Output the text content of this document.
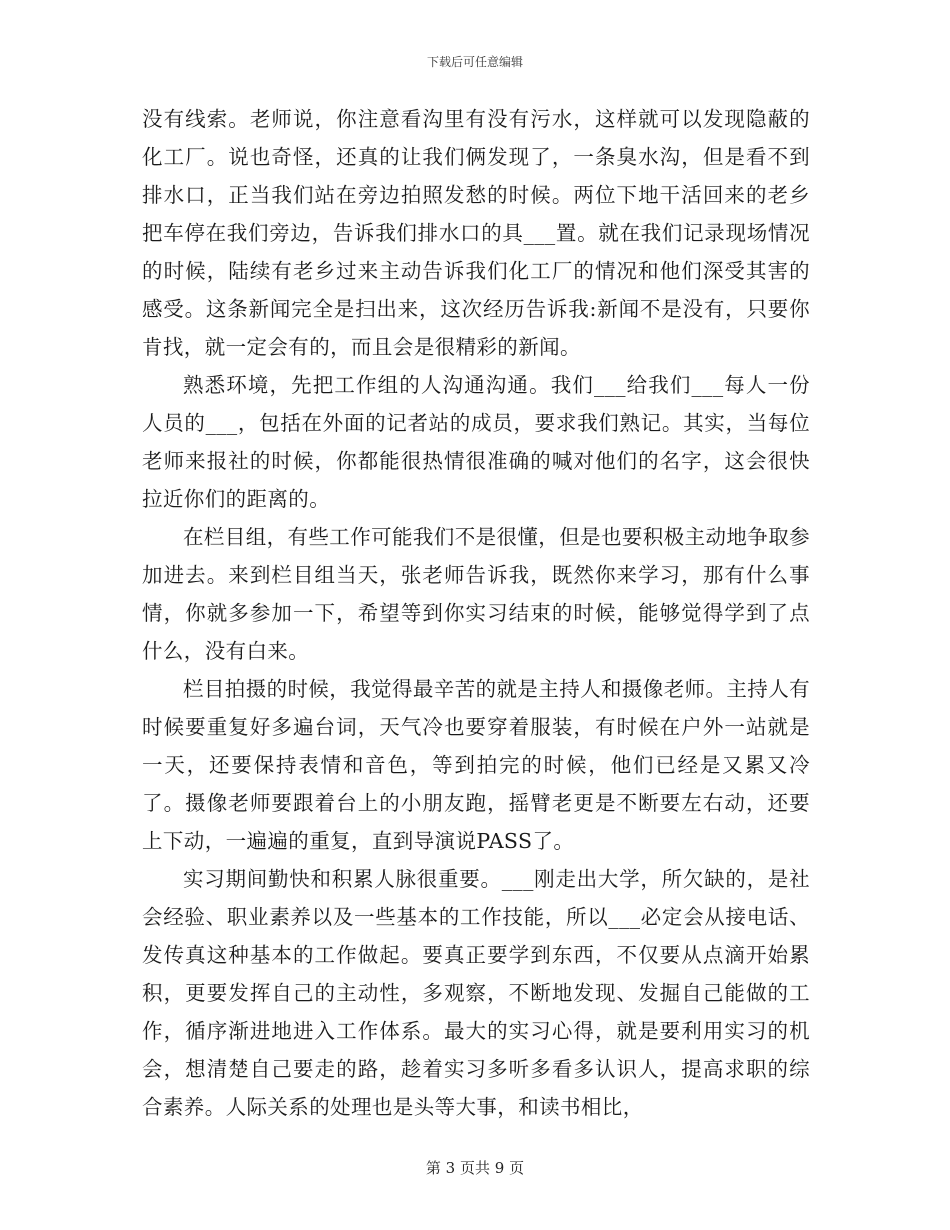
下载后可任意编辑

没有线索。老师说，你注意看沟里有没有污水，这样就可以发现隐蔽的化工厂。说也奇怪，还真的让我们俩发现了，一条臭水沟，但是看不到排水口，正当我们站在旁边拍照发愁的时候。两位下地干活回来的老乡把车停在我们旁边，告诉我们排水口的具___置。就在我们记录现场情况的时候，陆续有老乡过来主动告诉我们化工厂的情况和他们深受其害的感受。这条新闻完全是扫出来，这次经历告诉我:新闻不是没有，只要你肯找，就一定会有的，而且会是很精彩的新闻。

熟悉环境，先把工作组的人沟通沟通。我们___给我们___每人一份人员的___，包括在外面的记者站的成员，要求我们熟记。其实，当每位老师来报社的时候，你都能很热情很准确的喊对他们的名字，这会很快拉近你们的距离的。

在栏目组，有些工作可能我们不是很懂，但是也要积极主动地争取参加进去。来到栏目组当天，张老师告诉我，既然你来学习，那有什么事情，你就多参加一下，希望等到你实习结束的时候，能够觉得学到了点什么，没有白来。

栏目拍摄的时候，我觉得最辛苦的就是主持人和摄像老师。主持人有时候要重复好多遍台词，天气冷也要穿着服装，有时候在户外一站就是一天，还要保持表情和音色，等到拍完的时候，他们已经是又累又冷了。摄像老师要跟着台上的小朋友跑，摇臂老更是不断要左右动，还要上下动，一遍遍的重复，直到导演说PASS了。

实习期间勤快和积累人脉很重要。___刚走出大学，所欠缺的，是社会经验、职业素养以及一些基本的工作技能，所以___必定会从接电话、发传真这种基本的工作做起。要真正要学到东西，不仅要从点滴开始累积，更要发挥自己的主动性，多观察，不断地发现、发掘自己能做的工作，循序渐进地进入工作体系。最大的实习心得，就是要利用实习的机会，想清楚自己要走的路，趁着实习多听多看多认识人，提高求职的综合素养。人际关系的处理也是头等大事，和读书相比，

第 3 页共 9 页
